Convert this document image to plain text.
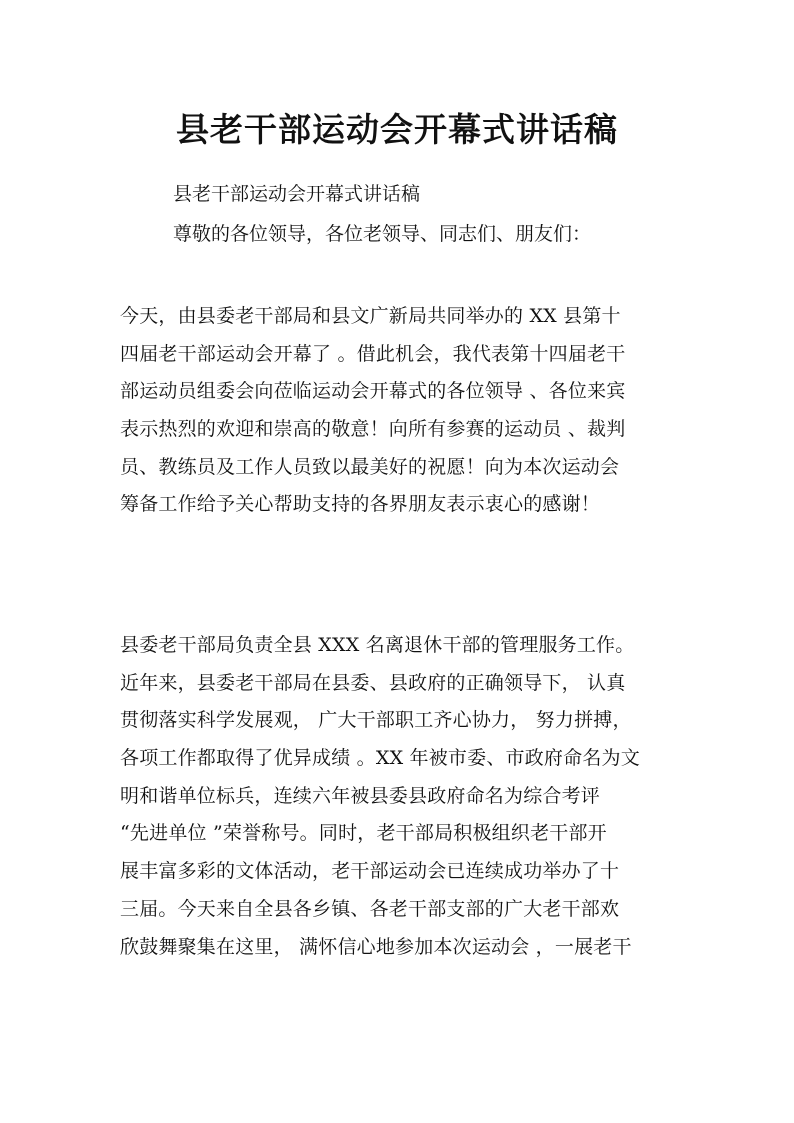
县老干部运动会开幕式讲话稿
县老干部运动会开幕式讲话稿
尊敬的各位领导，各位老领导、同志们、朋友们：
今天，由县委老干部局和县文广新局共同举办的 XX 县第十
四届老干部运动会开幕了 。借此机会，我代表第十四届老干
部运动员组委会向莅临运动会开幕式的各位领导 、各位来宾
表示热烈的欢迎和崇高的敬意！向所有参赛的运动员 、裁判
员、教练员及工作人员致以最美好的祝愿！向为本次运动会
筹备工作给予关心帮助支持的各界朋友表示衷心的感谢！
县委老干部局负责全县 XXX 名离退休干部的管理服务工作。
近年来，县委老干部局在县委、县政府的正确领导下， 认真
贯彻落实科学发展观， 广大干部职工齐心协力， 努力拼搏，
各项工作都取得了优异成绩 。XX 年被市委、市政府命名为文
明和谐单位标兵，连续六年被县委县政府命名为综合考评
“先进单位 ”荣誉称号。同时，老干部局积极组织老干部开
展丰富多彩的文体活动，老干部运动会已连续成功举办了十
三届。今天来自全县各乡镇、各老干部支部的广大老干部欢
欣鼓舞聚集在这里， 满怀信心地参加本次运动会 ，一展老干
